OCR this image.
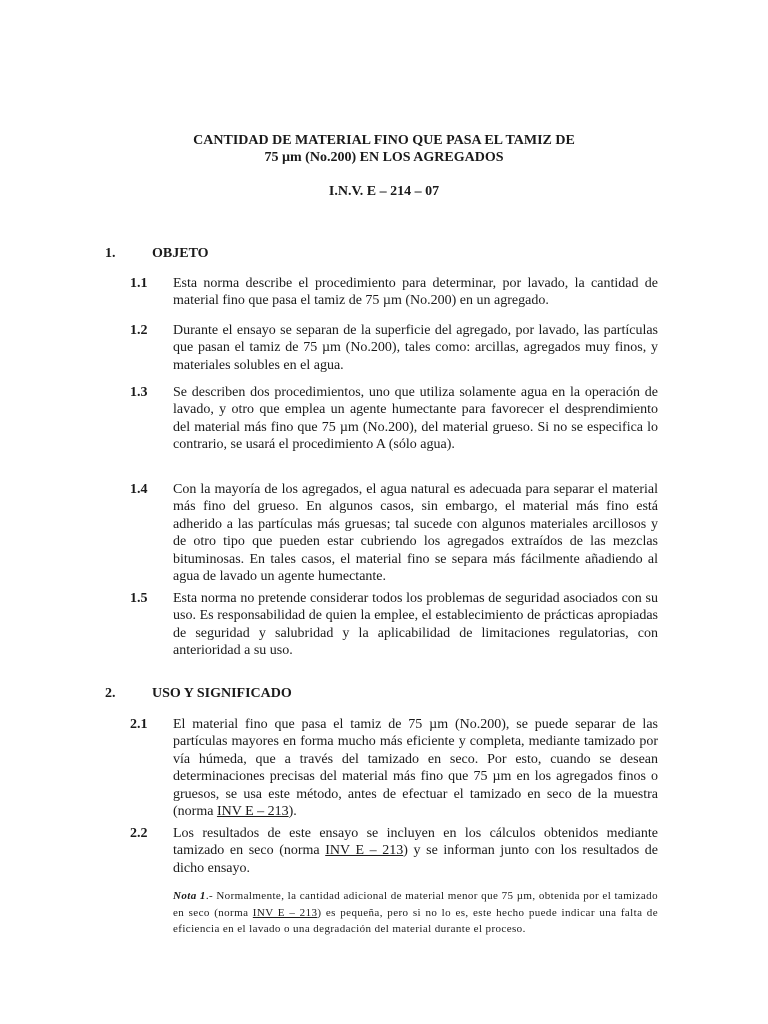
CANTIDAD DE MATERIAL FINO QUE PASA EL TAMIZ DE
75 µm (No.200) EN LOS AGREGADOS
I.N.V. E – 214 – 07
1.	OBJETO
1.1 Esta norma describe el procedimiento para determinar, por lavado, la cantidad de material fino que pasa el tamiz de 75 µm (No.200) en un agregado.
1.2 Durante el ensayo se separan de la superficie del agregado, por lavado, las partículas que pasan el tamiz de 75 µm (No.200), tales como: arcillas, agregados muy finos, y materiales solubles en el agua.
1.3 Se describen dos procedimientos, uno que utiliza solamente agua en la operación de lavado, y otro que emplea un agente humectante para favorecer el desprendimiento del material más fino que 75 µm (No.200), del material grueso. Si no se especifica lo contrario, se usará el procedimiento A (sólo agua).
1.4 Con la mayoría de los agregados, el agua natural es adecuada para separar el material más fino del grueso. En algunos casos, sin embargo, el material más fino está adherido a las partículas más gruesas; tal sucede con algunos materiales arcillosos y de otro tipo que pueden estar cubriendo los agregados extraídos de las mezclas bituminosas. En tales casos, el material fino se separa más fácilmente añadiendo al agua de lavado un agente humectante.
1.5 Esta norma no pretende considerar todos los problemas de seguridad asociados con su uso. Es responsabilidad de quien la emplee, el establecimiento de prácticas apropiadas de seguridad y salubridad y la aplicabilidad de limitaciones regulatorias, con anterioridad a su uso.
2.	USO Y SIGNIFICADO
2.1 El material fino que pasa el tamiz de 75 µm (No.200), se puede separar de las partículas mayores en forma mucho más eficiente y completa, mediante tamizado por vía húmeda, que a través del tamizado en seco. Por esto, cuando se desean determinaciones precisas del material más fino que 75 µm en los agregados finos o gruesos, se usa este método, antes de efectuar el tamizado en seco de la muestra (norma INV E – 213).
2.2 Los resultados de este ensayo se incluyen en los cálculos obtenidos mediante tamizado en seco (norma INV E – 213) y se informan junto con los resultados de dicho ensayo.
Nota 1.- Normalmente, la cantidad adicional de material menor que 75 µm, obtenida por el tamizado en seco (norma INV E – 213) es pequeña, pero si no lo es, este hecho puede indicar una falta de eficiencia en el lavado o una degradación del material durante el proceso.
